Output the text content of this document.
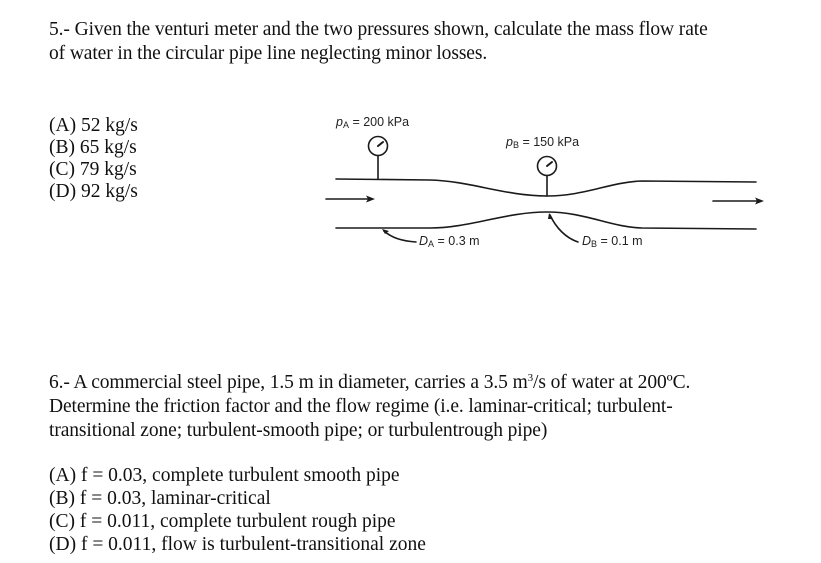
5.- Given the venturi meter and the two pressures shown, calculate the mass flow rate
of water in the circular pipe line neglecting minor losses.
(A) 52 kg/s
(B) 65 kg/s
(C) 79 kg/s
(D) 92 kg/s
$p_A = 200$ kPa
$p_B = 150$ kPa
$D_A = 0.3$ m	$D_B = 0.1$ m
6.- A commercial steel pipe, 1.5 m in diameter, carries a 3.5 $m^3/s$ of water at 200ºC.
Determine the friction factor and the flow regime (i.e. laminar-critical; turbulent-
transitional zone; turbulent-smooth pipe; or turbulentrough pipe)
(A) f = 0.03, complete turbulent smooth pipe
(B) f = 0.03, laminar-critical
(C) f = 0.011, complete turbulent rough pipe
(D) f = 0.011, flow is turbulent-transitional zone
